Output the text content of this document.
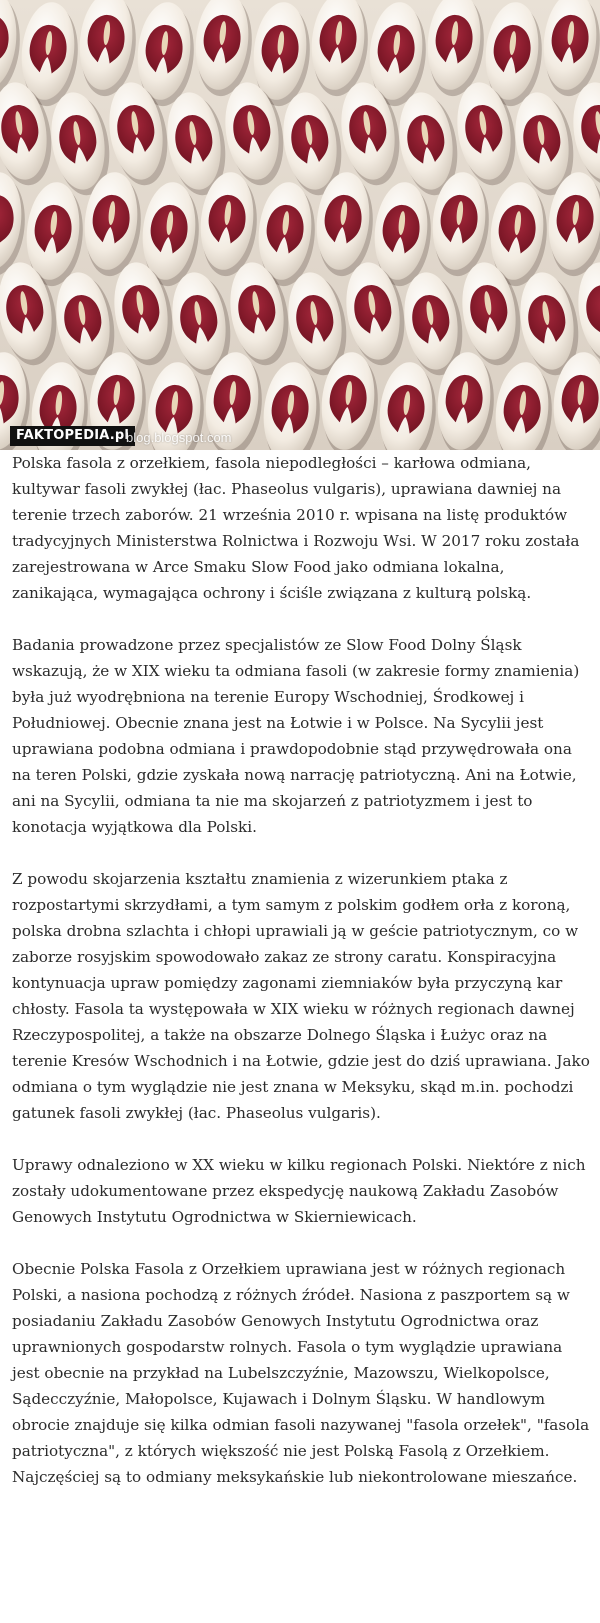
FAKTOPEDIA.pl
blog.blogspot.com

Polska fasola z orzełkiem, fasola niepodległości – karłowa odmiana, kultywar fasoli zwykłej (łac. Phaseolus vulgaris), uprawiana dawniej na terenie trzech zaborów. 21 września 2010 r. wpisana na listę produktów tradycyjnych Ministerstwa Rolnictwa i Rozwoju Wsi. W 2017 roku została zarejestrowana w Arce Smaku Slow Food jako odmiana lokalna, zanikająca, wymagająca ochrony i ściśle związana z kulturą polską.

Badania prowadzone przez specjalistów ze Slow Food Dolny Śląsk wskazują, że w XIX wieku ta odmiana fasoli (w zakresie formy znamienia) była już wyodrębniona na terenie Europy Wschodniej, Środkowej i Południowej. Obecnie znana jest na Łotwie i w Polsce. Na Sycylii jest uprawiana podobna odmiana i prawdopodobnie stąd przywędrowała ona na teren Polski, gdzie zyskała nową narrację patriotyczną. Ani na Łotwie, ani na Sycylii, odmiana ta nie ma skojarzeń z patriotyzmem i jest to konotacja wyjątkowa dla Polski.

Z powodu skojarzenia kształtu znamienia z wizerunkiem ptaka z rozpostartymi skrzydłami, a tym samym z polskim godłem orła z koroną, polska drobna szlachta i chłopi uprawiali ją w geście patriotycznym, co w zaborze rosyjskim spowodowało zakaz ze strony caratu. Konspiracyjna kontynuacja upraw pomiędzy zagonami ziemniaków była przyczyną kar chłosty. Fasola ta występowała w XIX wieku w różnych regionach dawnej Rzeczypospolitej, a także na obszarze Dolnego Śląska i Łużyc oraz na terenie Kresów Wschodnich i na Łotwie, gdzie jest do dziś uprawiana. Jako odmiana o tym wyglądzie nie jest znana w Meksyku, skąd m.in. pochodzi gatunek fasoli zwykłej (łac. Phaseolus vulgaris).

Uprawy odnaleziono w XX wieku w kilku regionach Polski. Niektóre z nich zostały udokumentowane przez ekspedycję naukową Zakładu Zasobów Genowych Instytutu Ogrodnictwa w Skierniewicach.

Obecnie Polska Fasola z Orzełkiem uprawiana jest w różnych regionach Polski, a nasiona pochodzą z różnych źródeł. Nasiona z paszportem są w posiadaniu Zakładu Zasobów Genowych Instytutu Ogrodnictwa oraz uprawnionych gospodarstw rolnych. Fasola o tym wyglądzie uprawiana jest obecnie na przykład na Lubelszczyźnie, Mazowszu, Wielkopolsce, Sądecczyźnie, Małopolsce, Kujawach i Dolnym Śląsku. W handlowym obrocie znajduje się kilka odmian fasoli nazywanej "fasola orzełek", "fasola patriotyczna", z których większość nie jest Polską Fasolą z Orzełkiem. Najczęściej są to odmiany meksykańskie lub niekontrolowane mieszańce.
